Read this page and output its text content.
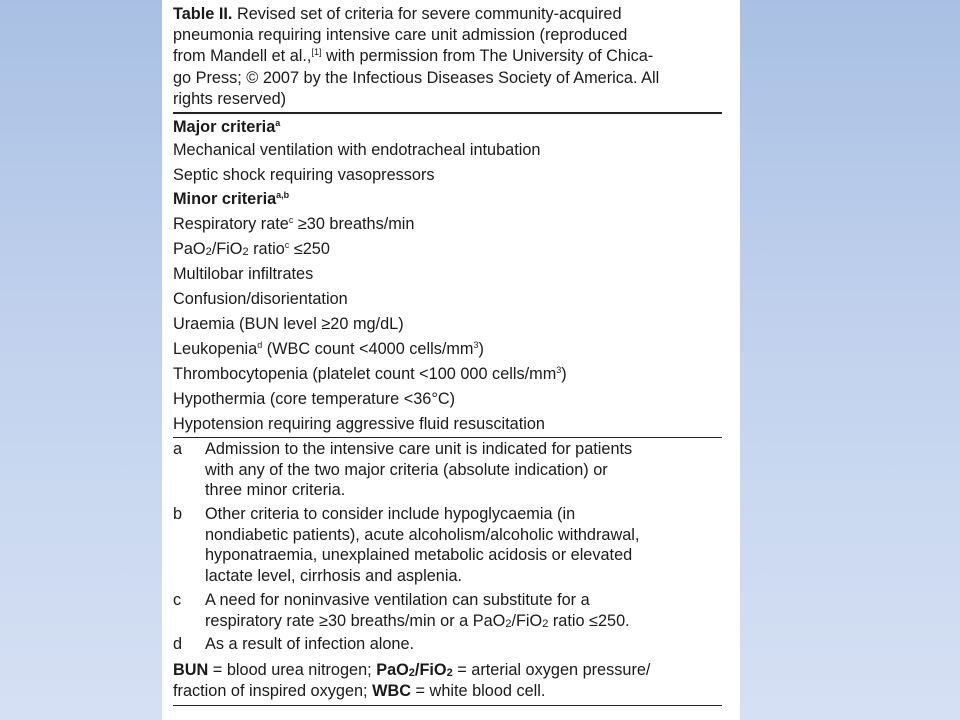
Table II. Revised set of criteria for severe community-acquired
pneumonia requiring intensive care unit admission (reproduced
from Mandell et al.,[1] with permission from The University of Chica-
go Press; © 2007 by the Infectious Diseases Society of America. All
rights reserved)
Major criteria$^a$
Mechanical ventilation with endotracheal intubation
Septic shock requiring vasopressors
Minor criteria$^{a,b}$
Respiratory rate$^c$ ≥30 breaths/min
PaO$_2$/FiO$_2$ ratio$^c$ ≤250
Multilobar infiltrates
Confusion/disorientation
Uraemia (BUN level ≥20 mg/dL)
Leukopenia$^d$ (WBC count <4000 cells/$mm^3$)
Thrombocytopenia (platelet count <100 000 cells/$mm^3$)
Hypothermia (core temperature <36°C)
Hypotension requiring aggressive fluid resuscitation
a Admission to the intensive care unit is indicated for patients
with any of the two major criteria (absolute indication) or
three minor criteria.
b Other criteria to consider include hypoglycaemia (in
nondiabetic patients), acute alcoholism/alcoholic withdrawal,
hyponatraemia, unexplained metabolic acidosis or elevated
lactate level, cirrhosis and asplenia.
c A need for noninvasive ventilation can substitute for a
respiratory rate ≥30 breaths/min or a PaO$_2$/FiO$_2$ ratio ≤250.
d As a result of infection alone.
BUN = blood urea nitrogen; PaO$_2$/FiO$_2$ = arterial oxygen pressure/
fraction of inspired oxygen; WBC = white blood cell.
